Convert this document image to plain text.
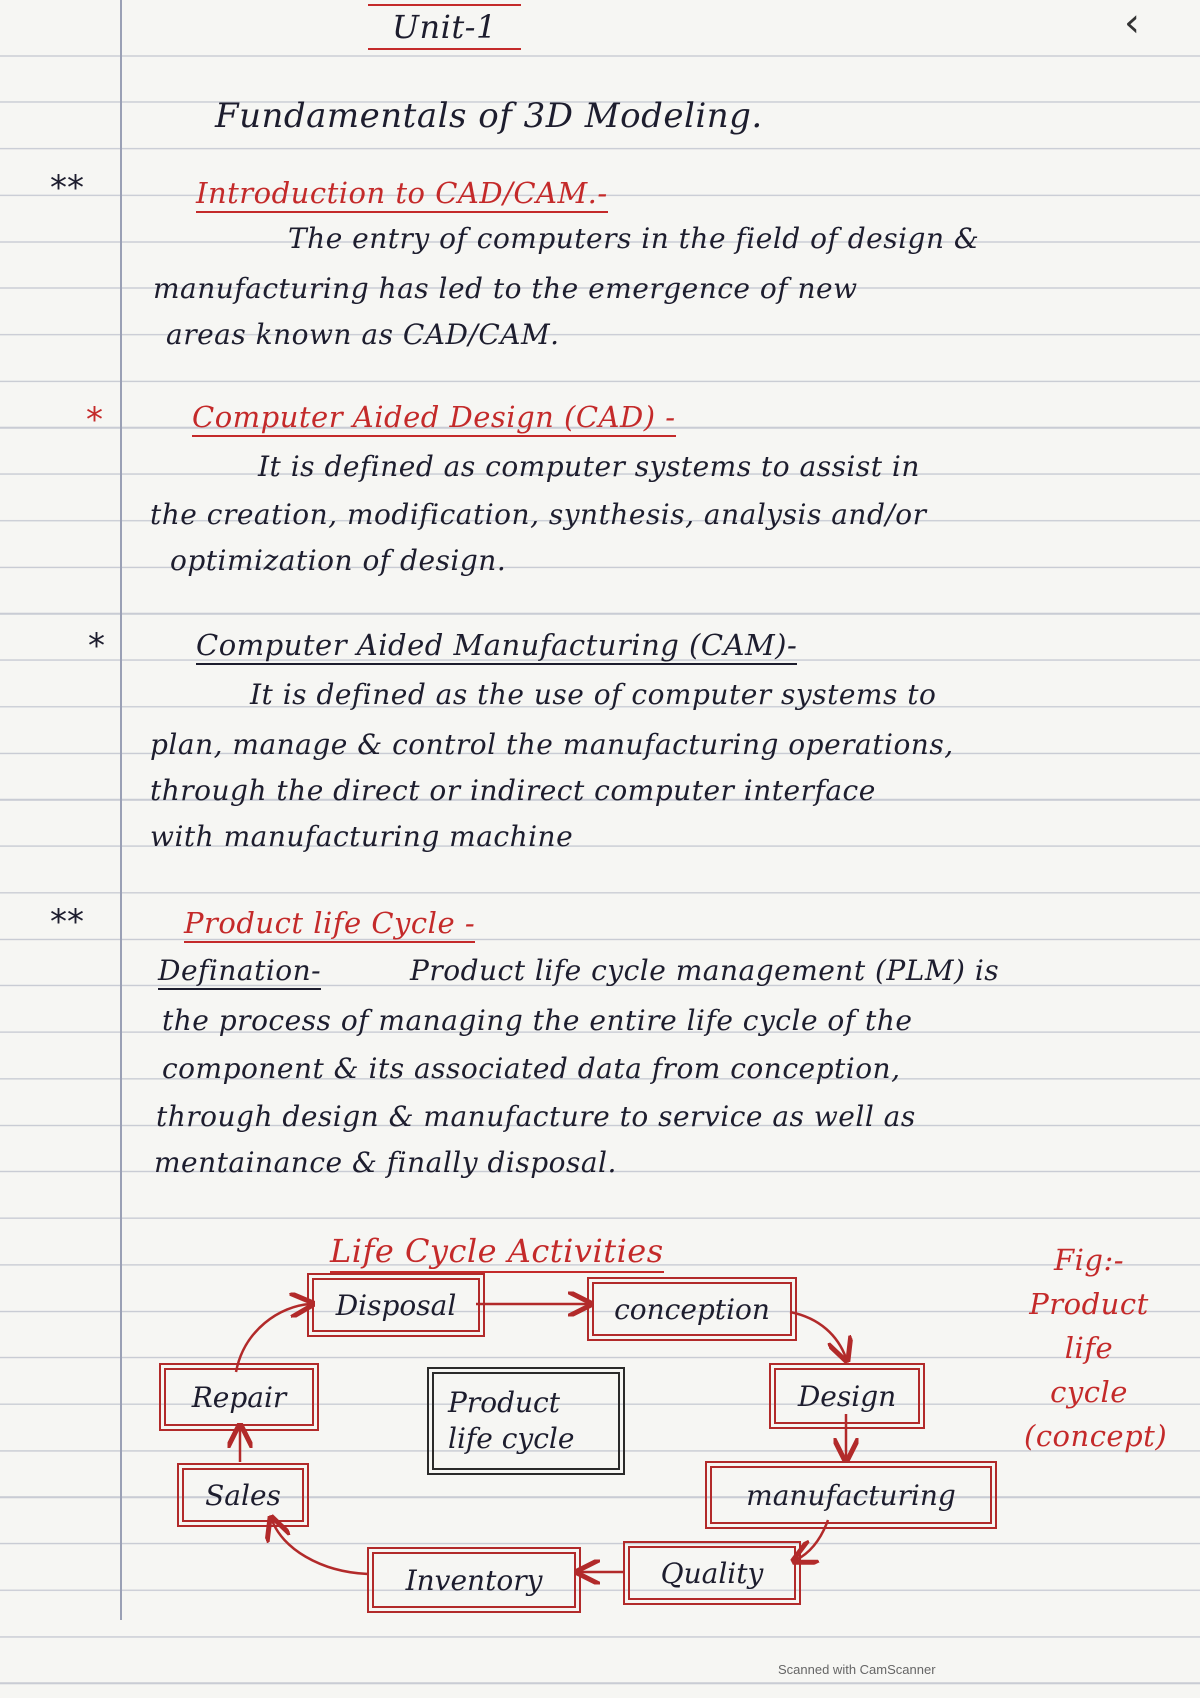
‹
Unit-1
Fundamentals of 3D Modeling.
**	Introduction to CAD/CAM.-
The entry of computers in the field of design &
manufacturing has led to the emergence of new
areas known as CAD/CAM.
*	Computer Aided Design (CAD) -
It is defined as computer systems to assist in
the creation, modification, synthesis, analysis and/or
optimization of design.
*	Computer Aided Manufacturing (CAM)-
It is defined as the use of computer systems to
plan, manage & control the manufacturing operations,
through the direct or indirect computer interface
with manufacturing machine
**	Product life Cycle -
Defination-	Product life cycle management (PLM) is
the process of managing the entire life cycle of the
component & its associated data from conception,
through design & manufacture to service as well as
mentainance & finally disposal.
Life Cycle Activities
Disposal	conception
Design
manufacturing
Quality
Inventory
Sales
Repair	Product
life cycle
Fig:-
Product
life
cycle
(concept)
Scanned with CamScanner
